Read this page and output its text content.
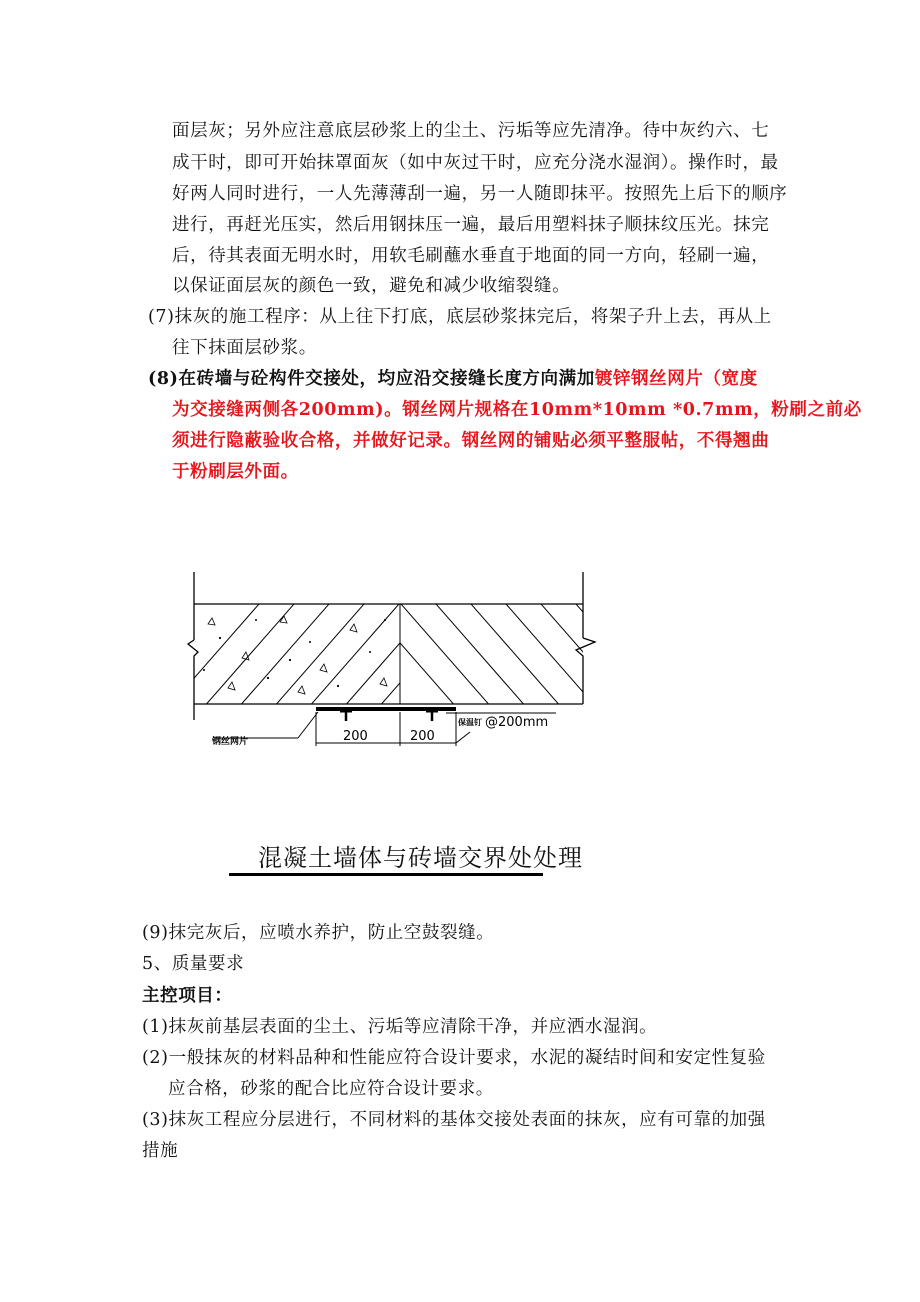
面层灰；另外应注意底层砂浆上的尘土、污垢等应先清净。待中灰约六、七
成干时，即可开始抹罩面灰（如中灰过干时，应充分浇水湿润）。操作时，最
好两人同时进行，一人先薄薄刮一遍，另一人随即抹平。按照先上后下的顺序
进行，再赶光压实，然后用钢抹压一遍，最后用塑料抹子顺抹纹压光。抹完
后，待其表面无明水时，用软毛刷蘸水垂直于地面的同一方向，轻刷一遍，
以保证面层灰的颜色一致，避免和减少收缩裂缝。
(7)抹灰的施工程序：从上往下打底，底层砂浆抹完后，将架子升上去，再从上
往下抹面层砂浆。
(8)在砖墙与砼构件交接处，均应沿交接缝长度方向满加镀锌钢丝网片（宽度
为交接缝两侧各200mm)。钢丝网片规格在10mm*10mm *0.7mm，粉刷之前必
须进行隐蔽验收合格，并做好记录。钢丝网的铺贴必须平整服帖，不得翘曲
于粉刷层外面。
钢丝网片	200	200
保温钉 @200mm
混凝土墙体与砖墙交界处处理
(9)抹完灰后，应喷水养护，防止空鼓裂缝。
5、质量要求
主控项目：
(1)抹灰前基层表面的尘土、污垢等应清除干净，并应洒水湿润。
(2)一般抹灰的材料品种和性能应符合设计要求，水泥的凝结时间和安定性复验
应合格，砂浆的配合比应符合设计要求。
(3)抹灰工程应分层进行，不同材料的基体交接处表面的抹灰，应有可靠的加强
措施
